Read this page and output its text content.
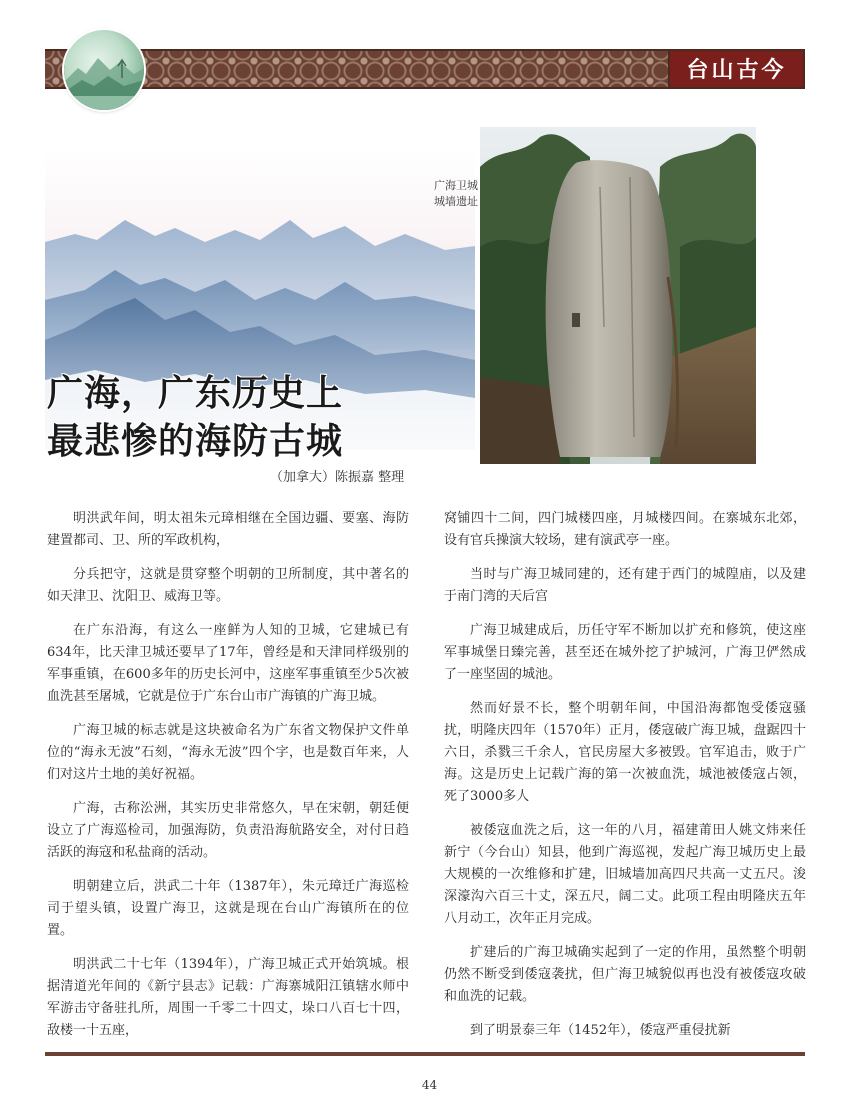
台山古今
广海卫城
城墙遗址
广海，广东历史上
最悲惨的海防古城
（加拿大）陈振嘉 整理

明洪武年间，明太祖朱元璋相继在全国边疆、要塞、海防建置都司、卫、所的军政机构，

分兵把守，这就是贯穿整个明朝的卫所制度，其中著名的如天津卫、沈阳卫、威海卫等。

在广东沿海，有这么一座鲜为人知的卫城，它建城已有634年，比天津卫城还要早了17年，曾经是和天津同样级别的军事重镇，在600多年的历史长河中，这座军事重镇至少5次被血洗甚至屠城，它就是位于广东台山市广海镇的广海卫城。

广海卫城的标志就是这块被命名为广东省文物保护文件单位的“海永无波”石刻，“海永无波”四个字，也是数百年来，人们对这片土地的美好祝福。

广海，古称㳂洲，其实历史非常悠久，早在宋朝，朝廷便设立了广海巡检司，加强海防，负责沿海航路安全，对付日趋活跃的海寇和私盐商的活动。

明朝建立后，洪武二十年（1387年），朱元璋迁广海巡检司于望头镇，设置广海卫，这就是现在台山广海镇所在的位置。

明洪武二十七年（1394年），广海卫城正式开始筑城。根据清道光年间的《新宁县志》记载：广海寨城阳江镇辖水师中军游击守备驻扎所，周围一千零二十四丈，垛口八百七十四，敌楼一十五座，

窝铺四十二间，四门城楼四座，月城楼四间。在寨城东北郊，设有官兵操演大较场，建有演武亭一座。

当时与广海卫城同建的，还有建于西门的城隍庙，以及建于南门湾的天后宫

广海卫城建成后，历任守军不断加以扩充和修筑，使这座军事城堡日臻完善，甚至还在城外挖了护城河，广海卫俨然成了一座坚固的城池。

然而好景不长，整个明朝年间，中国沿海都饱受倭寇骚扰，明隆庆四年（1570年）正月，倭寇破广海卫城，盘踞四十六日，杀戮三千余人，官民房屋大多被毁。官军追击，败于广海。这是历史上记载广海的第一次被血洗，城池被倭寇占领，死了3000多人

被倭寇血洗之后，这一年的八月，福建莆田人姚文炜来任新宁（今台山）知县，他到广海巡视，发起广海卫城历史上最大规模的一次维修和扩建，旧城墙加高四尺共高一丈五尺。浚深濠沟六百三十丈，深五尺，阔二丈。此项工程由明隆庆五年八月动工，次年正月完成。

扩建后的广海卫城确实起到了一定的作用，虽然整个明朝仍然不断受到倭寇袭扰，但广海卫城貌似再也没有被倭寇攻破和血洗的记载。

到了明景泰三年（1452年），倭寇严重侵扰新

44
